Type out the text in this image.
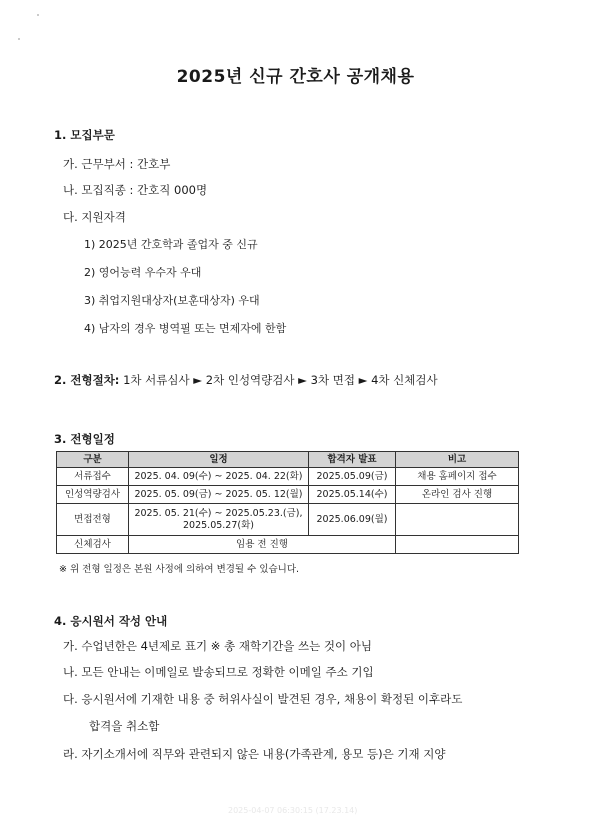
2025년 신규 간호사 공개채용
1. 모집부문
가. 근무부서 : 간호부
나. 모집직종 : 간호직 000명
다. 지원자격
1) 2025년 간호학과 졸업자 중 신규
2) 영어능력 우수자 우대
3) 취업지원대상자(보훈대상자) 우대
4) 남자의 경우 병역필 또는 면제자에 한함
2. 전형절차: 1차 서류심사 ► 2차 인성역량검사 ► 3차 면접 ► 4차 신체검사
3. 전형일정
구분	일정	합격자 발표	비고
서류접수	2025. 04. 09(수) ~ 2025. 04. 22(화)	2025.05.09(금)	채용 홈페이지 접수
인성역량검사	2025. 05. 09(금) ~ 2025. 05. 12(월)	2025.05.14(수)	온라인 검사 진행
면접전형	2025. 05. 21(수) ~ 2025.05.23.(금),
2025.05.27(화)	2025.06.09(월)	
신체검사	임용 전 진행		
※ 위 전형 일정은 본원 사정에 의하여 변경될 수 있습니다.
4. 응시원서 작성 안내
가. 수업년한은 4년제로 표기 ※ 총 재학기간을 쓰는 것이 아님
나. 모든 안내는 이메일로 발송되므로 정확한 이메일 주소 기입
다. 응시원서에 기재한 내용 중 허위사실이 발견된 경우, 채용이 확정된 이후라도
합격을 취소함
라. 자기소개서에 직무와 관련되지 않은 내용(가족관계, 용모 등)은 기재 지양
2025-04-07 06:30:15 (17.23.14)
